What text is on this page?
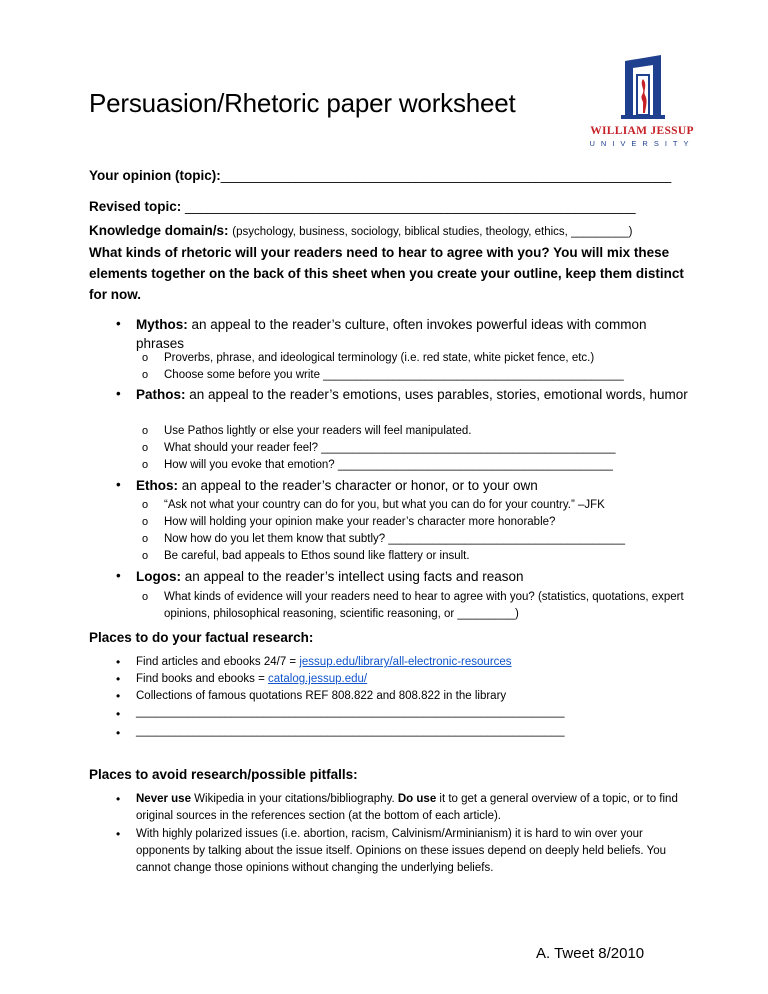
Persuasion/Rhetoric paper worksheet
WILLIAM JESSUP
UNIVERSITY
Your opinion (topic):____________________________________________________________
Revised topic: ____________________________________________________________
Knowledge domain/s: (psychology, business, sociology, biblical studies, theology, ethics, _________)
What kinds of rhetoric will your readers need to hear to agree with you? You will mix these elements together on the back of this sheet when you create your outline, keep them distinct for now.
• Mythos: an appeal to the reader’s culture, often invokes powerful ideas with common phrases
o Proverbs, phrase, and ideological terminology (i.e. red state, white picket fence, etc.)
o Choose some before you write _______________________________________________
• Pathos: an appeal to the reader’s emotions, uses parables, stories, emotional words, humor
o Use Pathos lightly or else your readers will feel manipulated.
o What should your reader feel? ______________________________________________
o How will you evoke that emotion? ___________________________________________
• Ethos: an appeal to the reader’s character or honor, or to your own
o “Ask not what your country can do for you, but what you can do for your country.” –JFK
o How will holding your opinion make your reader’s character more honorable?
o Now how do you let them know that subtly? _____________________________________
o Be careful, bad appeals to Ethos sound like flattery or insult.
• Logos: an appeal to the reader’s intellect using facts and reason
o What kinds of evidence will your readers need to hear to agree with you? (statistics, quotations, expert opinions, philosophical reasoning, scientific reasoning, or _________)
Places to do your factual research:
• Find articles and ebooks 24/7 = jessup.edu/library/all-electronic-resources
• Find books and ebooks = catalog.jessup.edu/
• Collections of famous quotations REF 808.822 and 808.822 in the library
• ___________________________________________________________________
• ___________________________________________________________________
Places to avoid research/possible pitfalls:
• Never use Wikipedia in your citations/bibliography. Do use it to get a general overview of a topic, or to find original sources in the references section (at the bottom of each article).
• With highly polarized issues (i.e. abortion, racism, Calvinism/Arminianism) it is hard to win over your opponents by talking about the issue itself. Opinions on these issues depend on deeply held beliefs. You cannot change those opinions without changing the underlying beliefs.
A. Tweet 8/2010
